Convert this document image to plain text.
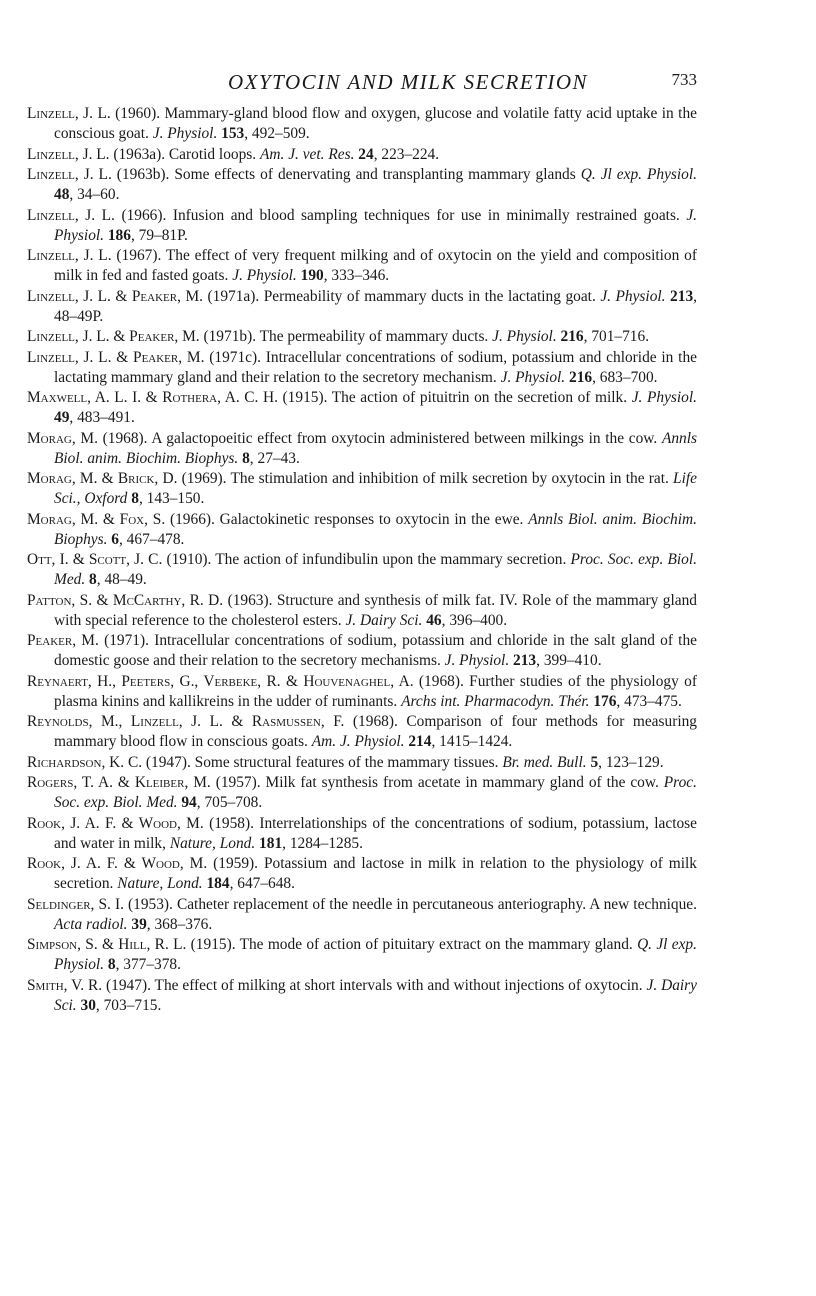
OXYTOCIN AND MILK SECRETION	733

Linzell, J. L. (1960). Mammary-gland blood flow and oxygen, glucose and volatile fatty acid uptake in the conscious goat. J. Physiol. 153, 492–509.

Linzell, J. L. (1963a). Carotid loops. Am. J. vet. Res. 24, 223–224.

Linzell, J. L. (1963b). Some effects of denervating and transplanting mammary glands Q. Jl exp. Physiol. 48, 34–60.

Linzell, J. L. (1966). Infusion and blood sampling techniques for use in minimally restrained goats. J. Physiol. 186, 79–81P.

Linzell, J. L. (1967). The effect of very frequent milking and of oxytocin on the yield and composition of milk in fed and fasted goats. J. Physiol. 190, 333–346.

Linzell, J. L. & Peaker, M. (1971a). Permeability of mammary ducts in the lactating goat. J. Physiol. 213, 48–49P.

Linzell, J. L. & Peaker, M. (1971b). The permeability of mammary ducts. J. Physiol. 216, 701–716.

Linzell, J. L. & Peaker, M. (1971c). Intracellular concentrations of sodium, potassium and chloride in the lactating mammary gland and their relation to the secretory mechanism. J. Physiol. 216, 683–700.

Maxwell, A. L. I. & Rothera, A. C. H. (1915). The action of pituitrin on the secretion of milk. J. Physiol. 49, 483–491.

Morag, M. (1968). A galactopoeitic effect from oxytocin administered between milkings in the cow. Annls Biol. anim. Biochim. Biophys. 8, 27–43.

Morag, M. & Brick, D. (1969). The stimulation and inhibition of milk secretion by oxytocin in the rat. Life Sci., Oxford 8, 143–150.

Morag, M. & Fox, S. (1966). Galactokinetic responses to oxytocin in the ewe. Annls Biol. anim. Biochim. Biophys. 6, 467–478.

Ott, I. & Scott, J. C. (1910). The action of infundibulin upon the mammary secretion. Proc. Soc. exp. Biol. Med. 8, 48–49.

Patton, S. & McCarthy, R. D. (1963). Structure and synthesis of milk fat. IV. Role of the mammary gland with special reference to the cholesterol esters. J. Dairy Sci. 46, 396–400.

Peaker, M. (1971). Intracellular concentrations of sodium, potassium and chloride in the salt gland of the domestic goose and their relation to the secretory mechanisms. J. Physiol. 213, 399–410.

Reynaert, H., Peeters, G., Verbeke, R. & Houvenaghel, A. (1968). Further studies of the physiology of plasma kinins and kallikreins in the udder of ruminants. Archs int. Pharmacodyn. Thér. 176, 473–475.

Reynolds, M., Linzell, J. L. & Rasmussen, F. (1968). Comparison of four methods for measuring mammary blood flow in conscious goats. Am. J. Physiol. 214, 1415–1424.

Richardson, K. C. (1947). Some structural features of the mammary tissues. Br. med. Bull. 5, 123–129.

Rogers, T. A. & Kleiber, M. (1957). Milk fat synthesis from acetate in mammary gland of the cow. Proc. Soc. exp. Biol. Med. 94, 705–708.

Rook, J. A. F. & Wood, M. (1958). Interrelationships of the concentrations of sodium, potassium, lactose and water in milk, Nature, Lond. 181, 1284–1285.

Rook, J. A. F. & Wood, M. (1959). Potassium and lactose in milk in relation to the physiology of milk secretion. Nature, Lond. 184, 647–648.

Seldinger, S. I. (1953). Catheter replacement of the needle in percutaneous anteriography. A new technique. Acta radiol. 39, 368–376.

Simpson, S. & Hill, R. L. (1915). The mode of action of pituitary extract on the mammary gland. Q. Jl exp. Physiol. 8, 377–378.

Smith, V. R. (1947). The effect of milking at short intervals with and without injections of oxytocin. J. Dairy Sci. 30, 703–715.
